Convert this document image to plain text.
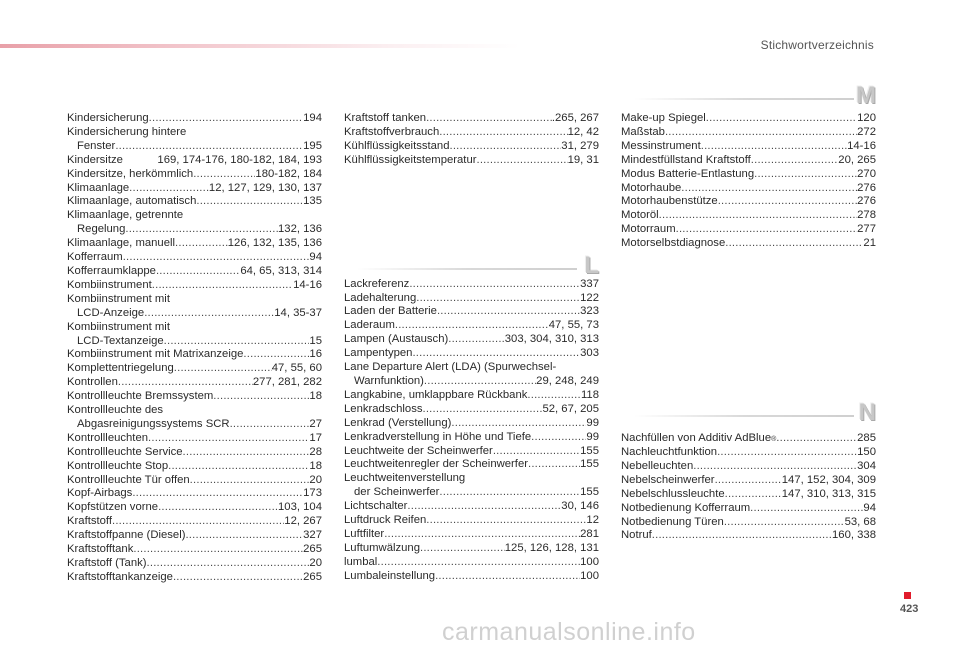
Stichwortverzeichnis
M
L
N
Kindersicherung .....	194
Kindersicherung hintere
Fenster .....	195
Kindersitze	169, 174-176, 180-182, 184, 193
Kindersitze, herkömmlich .....	180-182, 184
Klimaanlage .....	12, 127, 129, 130, 137
Klimaanlage, automatisch .....	135
Klimaanlage, getrennte
Regelung .....	132, 136
Klimaanlage, manuell .....	126, 132, 135, 136
Kofferraum .....	94
Kofferraumklappe .....	64, 65, 313, 314
Kombiinstrument .....	14-16
Kombiinstrument mit
LCD-Anzeige .....	14, 35-37
Kombiinstrument mit
LCD-Textanzeige .....	15
Kombiinstrument mit Matrixanzeige .....	16
Komplettentriegelung .....	47, 55, 60
Kontrollen .....	277, 281, 282
Kontrollleuchte Bremssystem .....	18
Kontrollleuchte des
Abgasreinigungssystems SCR .....	27
Kontrollleuchten .....	17
Kontrollleuchte Service .....	28
Kontrollleuchte Stop .....	18
Kontrollleuchte Tür offen .....	20
Kopf-Airbags .....	173
Kopfstützen vorne .....	103, 104
Kraftstoff .....	12, 267
Kraftstoffpanne (Diesel) .....	327
Kraftstofftank .....	265
Kraftstoff (Tank) .....	20
Kraftstofftankanzeige .....	265
Kraftstoff tanken .....	.265, 267
Kraftstoffverbrauch .....	12, 42
Kühlflüssigkeitsstand .....	31, 279
Kühlflüssigkeitstemperatur .....	19, 31
Lackreferenz .....	337
Ladehalterung .....	122
Laden der Batterie .....	323
Laderaum .....	47, 55, 73
Lampen (Austausch) .....	303, 304, 310, 313
Lampentypen .....	303
Lane Departure Alert (LDA) (Spurwechsel-
Warnfunktion) .....	29, 248, 249
Langkabine, umklappbare Rückbank .....	118
Lenkradschloss .....	52, 67, 205
Lenkrad (Verstellung) .....	99
Lenkradverstellung in Höhe und Tiefe .....	99
Leuchtweite der Scheinwerfer .....	155
Leuchtweitenregler der Scheinwerfer .....	155
Leuchtweitenverstellung
der Scheinwerfer .....	155
Lichtschalter .....	30, 146
Luftdruck Reifen .....	12
Luftfilter .....	281
Luftumwälzung .....	125, 126, 128, 131
lumbal .....	100
Lumbaleinstellung .....	100
Make-up Spiegel .....	120
Maßstab .....	272
Messinstrument .....	14-16
Mindestfüllstand Kraftstoff .....	20, 265
Modus Batterie-Entlastung .....	270
Motorhaube .....	276
Motorhaubenstütze .....	276
Motoröl .....	278
Motorraum .....	277
Motorselbstdiagnose .....	21
Nachfüllen von Additiv AdBlue ® .....	285
Nachleuchtfunktion .....	150
Nebelleuchten .....	304
Nebelscheinwerfer .....	147, 152, 304, 309
Nebelschlussleuchte .....	147, 310, 313, 315
Notbedienung Kofferraum .....	94
Notbedienung Türen .....	53, 68
Notruf .....	160, 338
423
carmanualsonline.info
